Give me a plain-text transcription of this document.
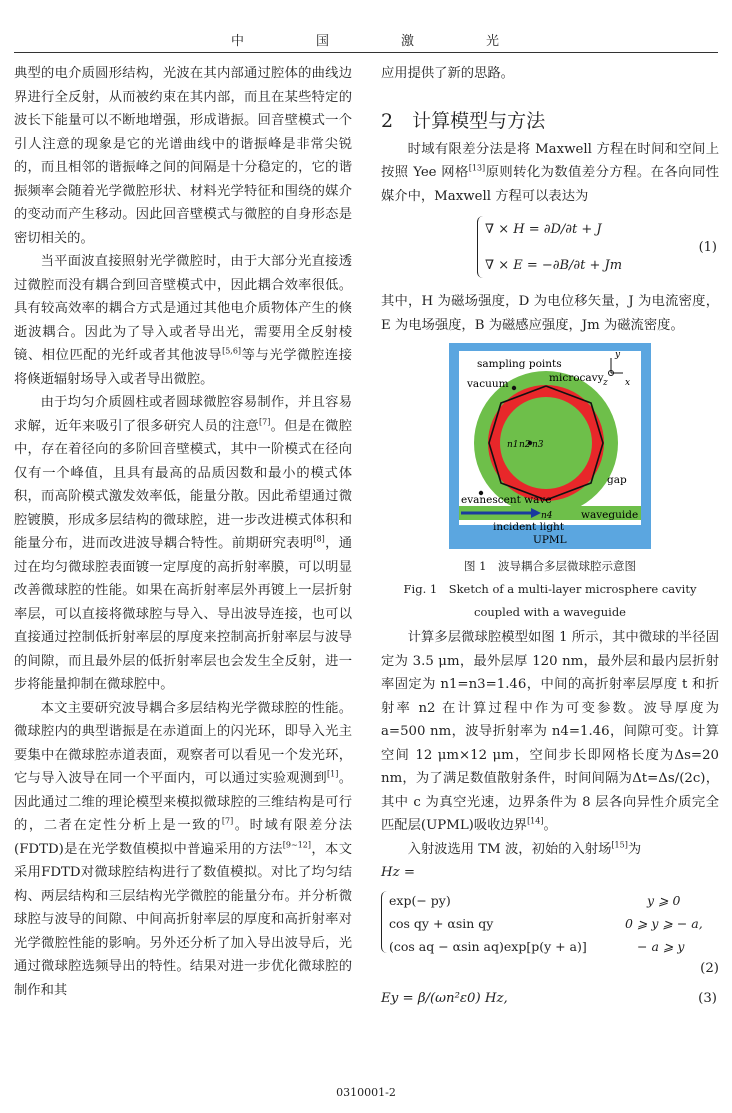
中	国	激	光

典型的电介质圆形结构，光波在其内部通过腔体的曲线边界进行全反射，从而被约束在其内部，而且在某些特定的波长下能量可以不断地增强，形成谐振。回音壁模式一个引人注意的现象是它的光谱曲线中的谐振峰是非常尖锐的，而且相邻的谐振峰之间的间隔是十分稳定的，它的谐振频率会随着光学微腔形状、材料光学特征和围绕的媒介的变动而产生移动。因此回音壁模式与微腔的自身形态是密切相关的。

当平面波直接照射光学微腔时，由于大部分光直接透过微腔而没有耦合到回音壁模式中，因此耦合效率很低。具有较高效率的耦合方式是通过其他电介质物体产生的倏逝波耦合。因此为了导入或者导出光，需要用全反射棱镜、相位匹配的光纤或者其他波导[5,6]等与光学微腔连接将倏逝辐射场导入或者导出微腔。

由于均匀介质圆柱或者圆球微腔容易制作，并且容易求解，近年来吸引了很多研究人员的注意[7]。但是在微腔中，存在着径向的多阶回音壁模式，其中一阶模式在径向仅有一个峰值，且具有最高的品质因数和最小的模式体积，而高阶模式激发效率低，能量分散。因此希望通过微腔镀膜，形成多层结构的微球腔，进一步改进模式体积和能量分布，进而改进波导耦合特性。前期研究表明[8]，通过在均匀微球腔表面镀一定厚度的高折射率膜，可以明显改善微球腔的性能。如果在高折射率层外再镀上一层折射率层，可以直接将微球腔与导入、导出波导连接，也可以直接通过控制低折射率层的厚度来控制高折射率层与波导的间隙，而且最外层的低折射率层也会发生全反射，进一步将能量抑制在微球腔中。

本文主要研究波导耦合多层结构光学微球腔的性能。微球腔内的典型谐振是在赤道面上的闪光环，即导入光主要集中在微球腔赤道表面，观察者可以看见一个发光环，它与导入波导在同一个平面内，可以通过实验观测到[1]。因此通过二维的理论模型来模拟微球腔的三维结构是可行的，二者在定性分析上是一致的[7]。时域有限差分法(FDTD)是在光学数值模拟中普遍采用的方法[9~12]，本文采用FDTD对微球腔结构进行了数值模拟。对比了均匀结构、两层结构和三层结构光学微腔的能量分布。并分析微球腔与波导的间隙、中间高折射率层的厚度和高折射率对光学微腔性能的影响。另外还分析了加入导出波导后，光通过微球腔选频导出的特性。结果对进一步优化微球腔的制作和其

应用提供了新的思路。

2　计算模型与方法

时域有限差分法是将 Maxwell 方程在时间和空间上按照 Yee 网格[13]原则转化为数值差分方程。在各向同性媒介中，Maxwell 方程可以表达为

∇ × H = ∂D/∂t + J
∇ × E = −∂B/∂t + Jm
(1)

其中，H 为磁场强度，D 为电位移矢量，J 为电流密度，E 为电场强度，B 为磁感应强度，Jm 为磁流密度。

sampling points
vacuum	microcavy
n1 n2 n3
n4
gap
evanescent wave
waveguide
incident light
UPML
y
z x
图 1　波导耦合多层微球腔示意图
Fig. 1　Sketch of a multi-layer microsphere cavity
coupled with a waveguide

计算多层微球腔模型如图 1 所示，其中微球的半径固定为 3.5 μm，最外层厚 120 nm，最外层和最内层折射率固定为 n1=n3=1.46，中间的高折射率层厚度 t 和折射率 n2 在计算过程中作为可变参数。波导厚度为 a=500 nm，波导折射率为 n4=1.46，间隙可变。计算空间 12 μm×12 μm，空间步长即网格长度为Δs=20 nm，为了满足数值散射条件，时间间隔为Δt=Δs/(2c)，其中 c 为真空光速，边界条件为 8 层各向异性介质完全匹配层(UPML)吸收边界[14]。

入射波选用 TM 波，初始的入射场[15]为

Hz =
exp(− py)	y ⩾ 0
cos qy + αsin qy	0 ⩾ y ⩾ − a,
(cos aq − αsin aq)exp[p(y + a)]	− a ⩾ y
(2)
Ey = β/(ωn²ε0) Hz,	(3)
0310001-2
